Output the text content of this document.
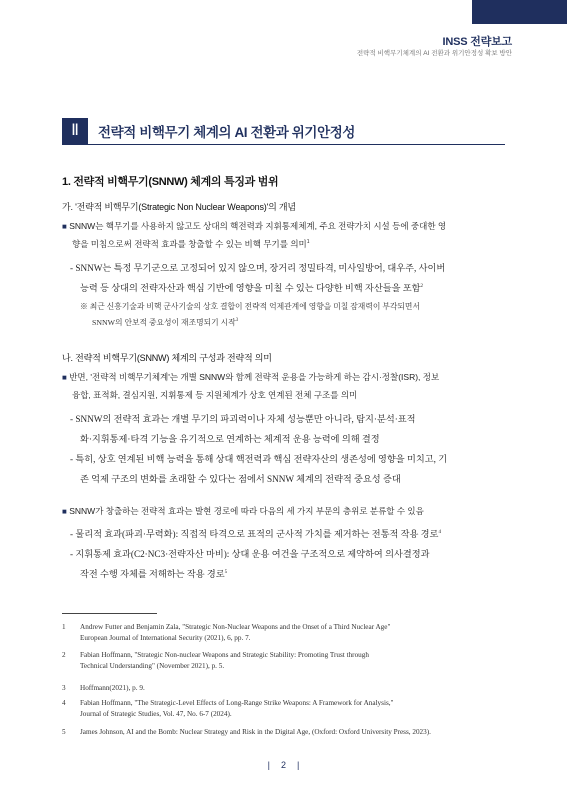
INSS 전략보고
전략적 비핵무기체계의 AI 전환과 위기안정성 확보 방안
Ⅱ	전략적 비핵무기 체계의 AI 전환과 위기안정성
1. 전략적 비핵무기(SNNW) 체계의 특징과 범위
가. '전략적 비핵무기(Strategic Non Nuclear Weapons)'의 개념
■ SNNW는 핵무기를 사용하지 않고도 상대의 핵전력과 지휘통제체계, 주요 전략가치 시설 등에 중대한 영
향을 미침으로써 전략적 효과를 창출할 수 있는 비핵 무기를 의미$^1$
- SNNW는 특정 무기군으로 고정되어 있지 않으며, 장거리 정밀타격, 미사일방어, 대우주, 사이버
능력 등 상대의 전략자산과 핵심 기반에 영향을 미칠 수 있는 다양한 비핵 자산들을 포함$^2$
※ 최근 신흥기술과 비핵 군사기술의 상호 결합이 전략적 억제관계에 영향을 미칠 잠재력이 부각되면서
SNNW의 안보적 중요성이 재조명되기 시작$^3$
나. 전략적 비핵무기(SNNW) 체계의 구성과 전략적 의미
■ 반면, '전략적 비핵무기체계'는 개별 SNNW와 함께 전략적 운용을 가능하게 하는 감시·정찰(ISR), 정보
융합, 표적화, 결심지원, 지휘통제 등 지원체계가 상호 연계된 전체 구조를 의미
- SNNW의 전략적 효과는 개별 무기의 파괴력이나 자체 성능뿐만 아니라, 탐지·분석·표적
화·지휘통제·타격 기능을 유기적으로 연계하는 체계적 운용 능력에 의해 결정
- 특히, 상호 연계된 비핵 능력을 통해 상대 핵전력과 핵심 전략자산의 생존성에 영향을 미치고, 기
존 억제 구조의 변화를 초래할 수 있다는 점에서 SNNW 체계의 전략적 중요성 증대
■ SNNW가 창출하는 전략적 효과는 발현 경로에 따라 다음의 세 가지 부문의 층위로 분류할 수 있음
- 물리적 효과(파괴·무력화): 직접적 타격으로 표적의 군사적 가치를 제거하는 전통적 작용 경로$^4$
- 지휘통제 효과(C2·NC3·전략자산 마비): 상대 운용 여건을 구조적으로 제약하여 의사결정과
작전 수행 자체를 저해하는 작용 경로$^5$
1 Andrew Futter and Benjamin Zala, "Strategic Non-Nuclear Weapons and the Onset of a Third Nuclear Age"
European Journal of International Security (2021), 6, pp. 7.
2 Fabian Hoffmann, "Strategic Non-nuclear Weapons and Strategic Stability: Promoting Trust through
Technical Understanding" (November 2021), p. 5.
3 Hoffmann(2021), p. 9.
4 Fabian Hoffmann, "The Strategic-Level Effects of Long-Range Strike Weapons: A Framework for Analysis,"
Journal of Strategic Studies, Vol. 47, No. 6-7 (2024).
5 James Johnson, AI and the Bomb: Nuclear Strategy and Risk in the Digital Age, (Oxford: Oxford University Press, 2023).
| 2 |
